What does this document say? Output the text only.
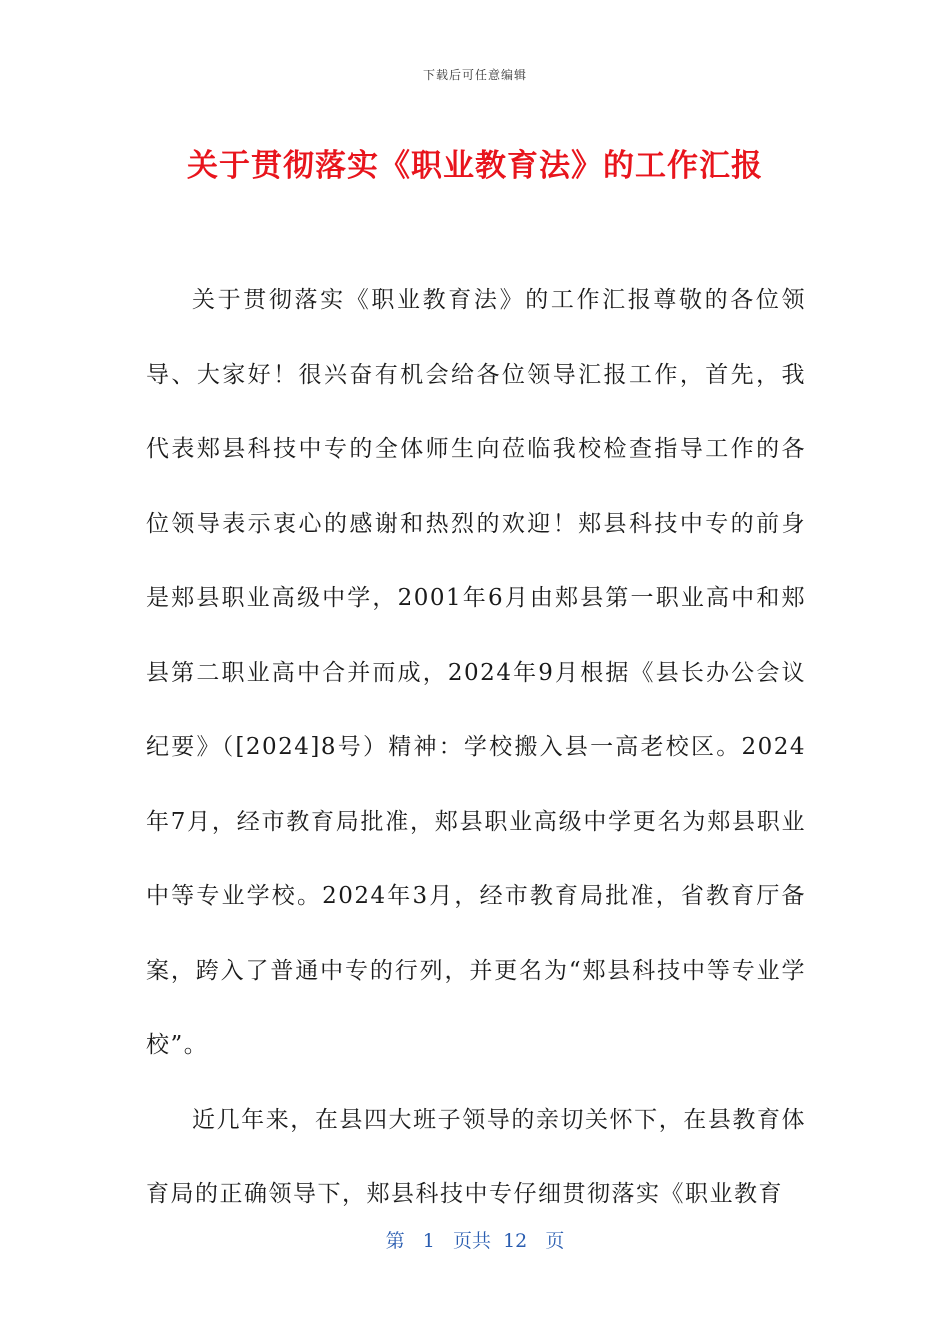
下载后可任意编辑
关于贯彻落实《职业教育法》的工作汇报

关于贯彻落实《职业教育法》的工作汇报尊敬的各位领导、大家好！很兴奋有机会给各位领导汇报工作，首先，我代表郏县科技中专的全体师生向莅临我校检查指导工作的各位领导表示衷心的感谢和热烈的欢迎！郏县科技中专的前身是郏县职业高级中学，2001年6月由郏县第一职业高中和郏县第二职业高中合并而成，2024年9月根据《县长办公会议纪要》（[2024]8号）精神：学校搬入县一高老校区。2024年7月，经市教育局批准，郏县职业高级中学更名为郏县职业中等专业学校。2024年3月，经市教育局批准，省教育厅备案，跨入了普通中专的行列，并更名为“郏县科技中等专业学校”。

近几年来，在县四大班子领导的亲切关怀下，在县教育体育局的正确领导下，郏县科技中专仔细贯彻落实《职业教育

第 1 页共 12 页
